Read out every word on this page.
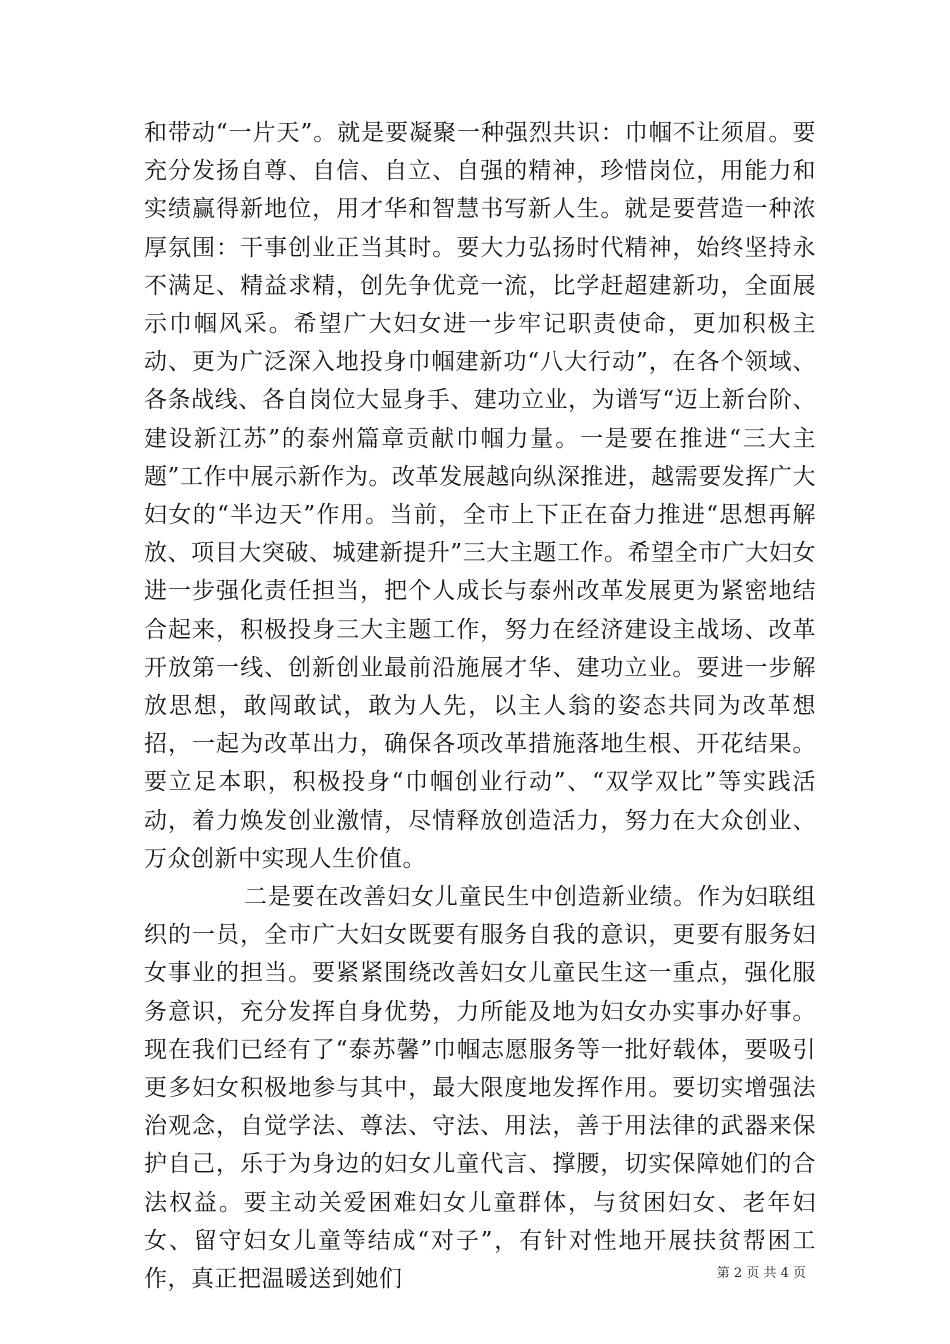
和带动“一片天”。就是要凝聚一种强烈共识：巾帼不让须眉。要充分发扬自尊、自信、自立、自强的精神，珍惜岗位，用能力和实绩赢得新地位，用才华和智慧书写新人生。就是要营造一种浓厚氛围：干事创业正当其时。要大力弘扬时代精神，始终坚持永不满足、精益求精，创先争优竞一流，比学赶超建新功，全面展示巾帼风采。希望广大妇女进一步牢记职责使命，更加积极主动、更为广泛深入地投身巾帼建新功“八大行动”，在各个领域、各条战线、各自岗位大显身手、建功立业，为谱写“迈上新台阶、建设新江苏”的泰州篇章贡献巾帼力量。一是要在推进“三大主题”工作中展示新作为。改革发展越向纵深推进，越需要发挥广大妇女的“半边天”作用。当前，全市上下正在奋力推进“思想再解放、项目大突破、城建新提升”三大主题工作。希望全市广大妇女进一步强化责任担当，把个人成长与泰州改革发展更为紧密地结合起来，积极投身三大主题工作，努力在经济建设主战场、改革开放第一线、创新创业最前沿施展才华、建功立业。要进一步解放思想，敢闯敢试，敢为人先，以主人翁的姿态共同为改革想招，一起为改革出力，确保各项改革措施落地生根、开花结果。要立足本职，积极投身“巾帼创业行动”、“双学双比”等实践活动，着力焕发创业激情，尽情释放创造活力，努力在大众创业、万众创新中实现人生价值。

二是要在改善妇女儿童民生中创造新业绩。作为妇联组织的一员，全市广大妇女既要有服务自我的意识，更要有服务妇女事业的担当。要紧紧围绕改善妇女儿童民生这一重点，强化服务意识，充分发挥自身优势，力所能及地为妇女办实事办好事。现在我们已经有了“泰苏馨”巾帼志愿服务等一批好载体，要吸引更多妇女积极地参与其中，最大限度地发挥作用。要切实增强法治观念，自觉学法、尊法、守法、用法，善于用法律的武器来保护自己，乐于为身边的妇女儿童代言、撑腰，切实保障她们的合法权益。要主动关爱困难妇女儿童群体，与贫困妇女、老年妇女、留守妇女儿童等结成“对子”，有针对性地开展扶贫帮困工作，真正把温暖送到她们	第 2 页 共 4 页
